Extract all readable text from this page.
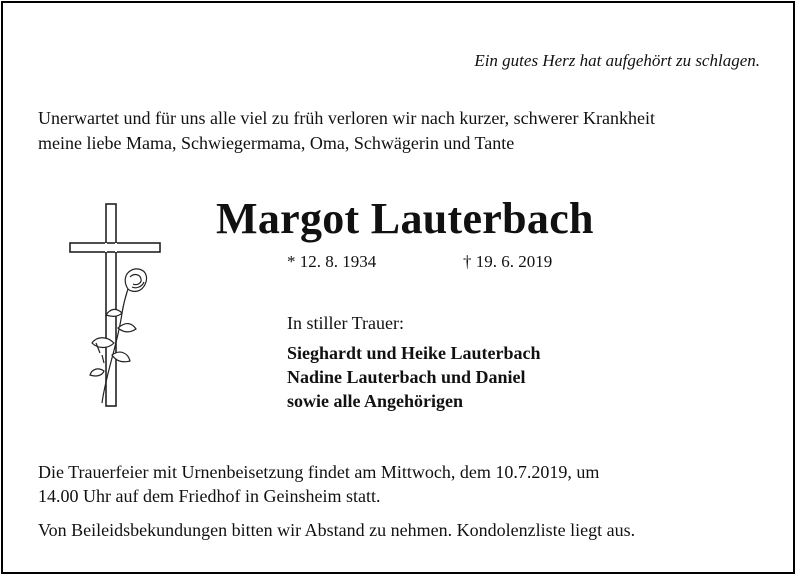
Ein gutes Herz hat aufgehört zu schlagen.
Unerwartet und für uns alle viel zu früh verloren wir nach kurzer, schwerer Krankheit
meine liebe Mama, Schwiegermama, Oma, Schwägerin und Tante
Margot Lauterbach
* 12. 8. 1934	† 19. 6. 2019
In stiller Trauer:
Sieghardt und Heike Lauterbach
Nadine Lauterbach und Daniel
sowie alle Angehörigen
Die Trauerfeier mit Urnenbeisetzung findet am Mittwoch, dem 10.7.2019, um
14.00 Uhr auf dem Friedhof in Geinsheim statt.
Von Beileidsbekundungen bitten wir Abstand zu nehmen. Kondolenzliste liegt aus.
